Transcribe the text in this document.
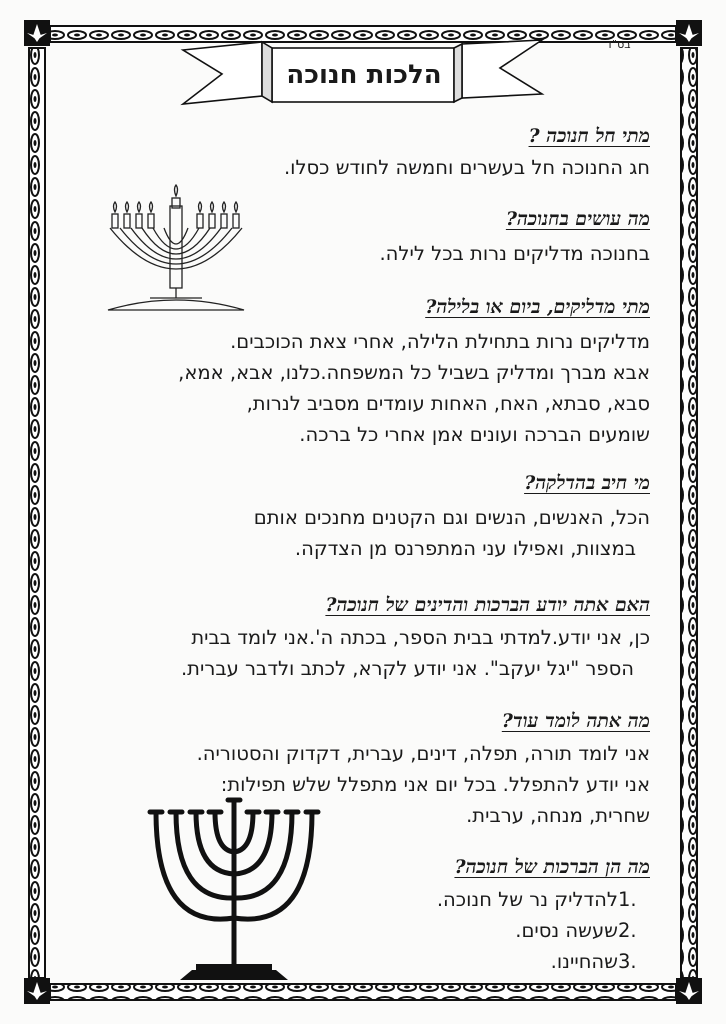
הלכות חנוכה
בס"ד
מתי חל חנוכה ?
חג החנוכה חל בעשרים וחמשה לחודש כסלו.
מה עושים בחנוכה?
בחנוכה מדליקים נרות בכל לילה.
מתי מדליקים, ביום או בלילה?
מדליקים נרות בתחילת הלילה, אחרי צאת הכוכבים.
אבא מברך ומדליק בשביל כל המשפחה.כלנו, אבא, אמא,
סבא, סבתא, האח, האחות עומדים מסביב לנרות,
שומעים הברכה ועונים אמן אחרי כל ברכה.
מי חיב בהדלקה?
הכל, האנשים, הנשים וגם הקטנים מחנכים אותם
במצוות, ואפילו עני המתפרנס מן הצדקה.
האם אתה יודע הברכות והדינים של חנוכה?
כן, אני יודע.למדתי בבית הספר, בכתה ה'.אני לומד בבית
הספר "יגל יעקב". אני יודע לקרא, לכתב ולדבר עברית.
מה אתה לומד עוד?
אני לומד תורה, תפלה, דינים, עברית, דקדוק והסטוריה.
אני יודע להתפלל. בכל יום אני מתפלל שלש תפילות:
שחרית, מנחה, ערבית.
מה הן הברכות של חנוכה?
1.
להדליק נר של חנוכה.
2.
שעשה נסים.
3.
שהחיינו.
